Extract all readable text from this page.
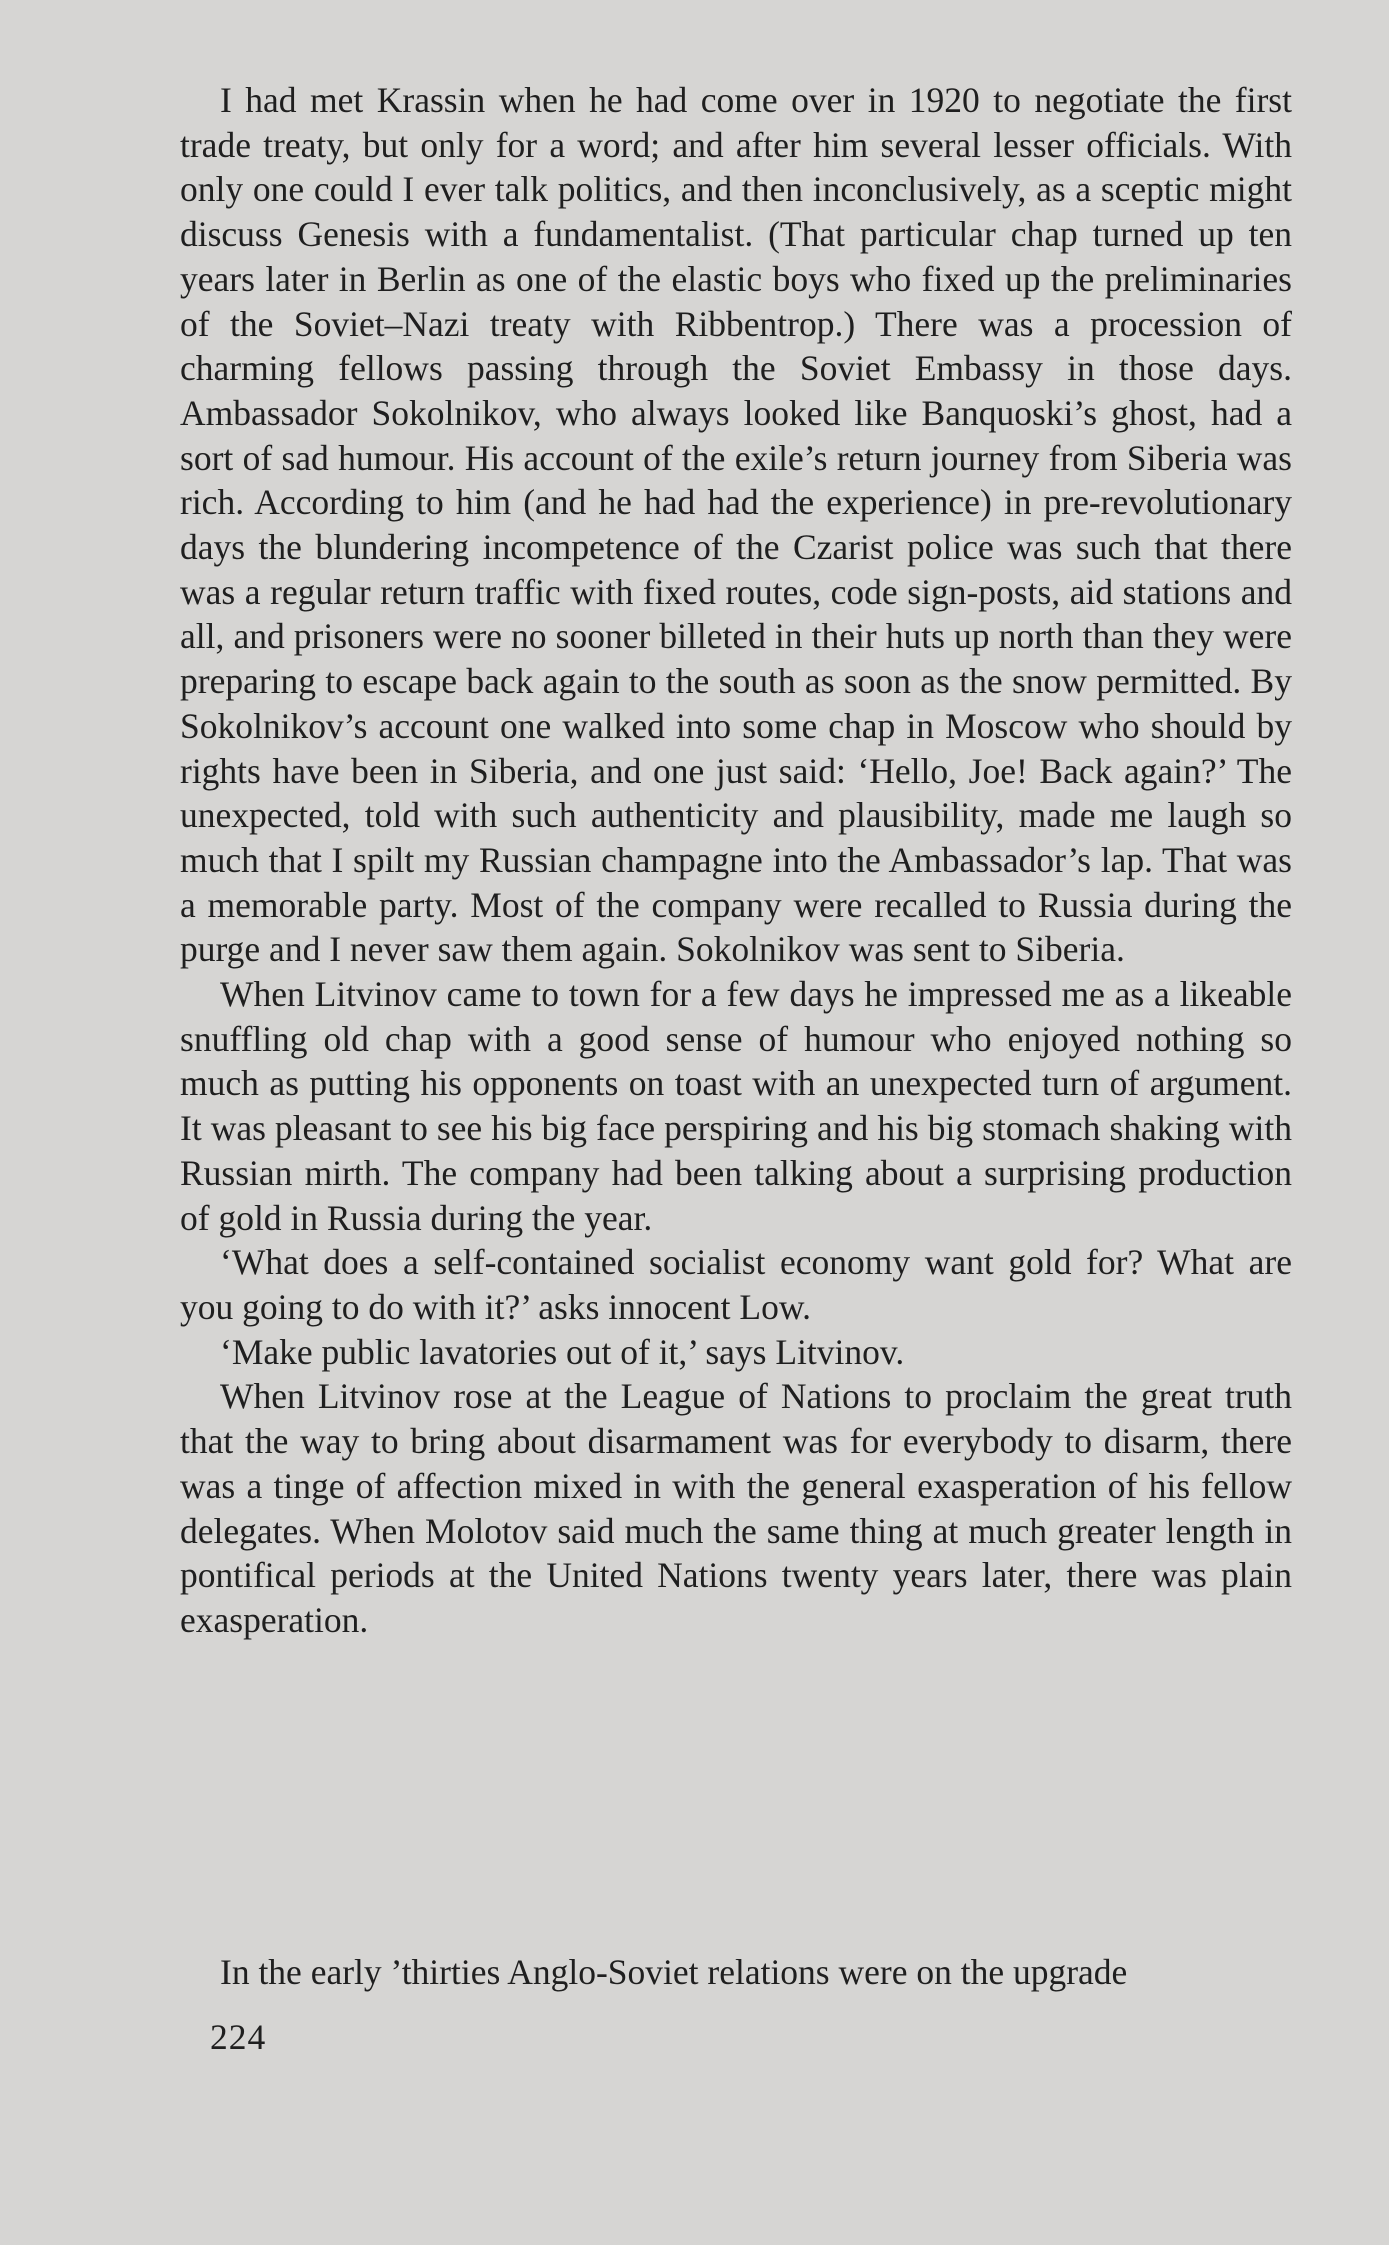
I had met Krassin when he had come over in 1920 to negotiate the first trade treaty, but only for a word; and after him several lesser officials. With only one could I ever talk politics, and then inconclusively, as a sceptic might discuss Genesis with a fundamentalist. (That particular chap turned up ten years later in Berlin as one of the elastic boys who fixed up the preliminaries of the Soviet–Nazi treaty with Ribbentrop.) There was a procession of charming fellows passing through the Soviet Embassy in those days. Ambassador Sokolnikov, who always looked like Banquoski’s ghost, had a sort of sad humour. His account of the exile’s return journey from Siberia was rich. According to him (and he had had the experience) in pre-revolutionary days the blundering incompetence of the Czarist police was such that there was a regular return traffic with fixed routes, code sign-posts, aid stations and all, and prisoners were no sooner billeted in their huts up north than they were preparing to escape back again to the south as soon as the snow permitted. By Sokolnikov’s account one walked into some chap in Moscow who should by rights have been in Siberia, and one just said: ‘Hello, Joe! Back again?’ The unexpected, told with such authenticity and plausibility, made me laugh so much that I spilt my Russian champagne into the Ambassador’s lap. That was a memorable party. Most of the company were recalled to Russia during the purge and I never saw them again. Sokolnikov was sent to Siberia.

When Litvinov came to town for a few days he impressed me as a likeable snuffling old chap with a good sense of humour who enjoyed nothing so much as putting his opponents on toast with an unexpected turn of argument. It was pleasant to see his big face perspiring and his big stomach shaking with Russian mirth. The company had been talking about a surprising production of gold in Russia during the year.

‘What does a self-contained socialist economy want gold for? What are you going to do with it?’ asks innocent Low.

‘Make public lavatories out of it,’ says Litvinov.

When Litvinov rose at the League of Nations to proclaim the great truth that the way to bring about disarmament was for everybody to disarm, there was a tinge of affection mixed in with the general exasperation of his fellow delegates. When Molotov said much the same thing at much greater length in pontifical periods at the United Nations twenty years later, there was plain exasperation.

In the early ’thirties Anglo-Soviet relations were on the upgrade

224
